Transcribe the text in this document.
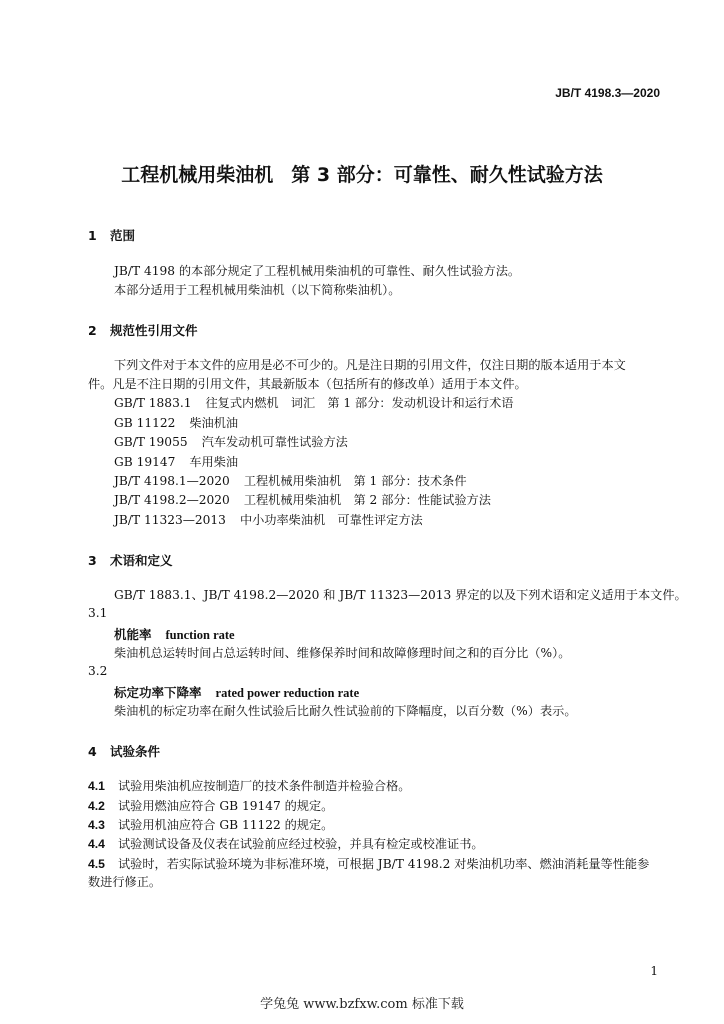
JB/T 4198.3—2020
工程机械用柴油机 第 3 部分：可靠性、耐久性试验方法
1 范围
JB/T 4198 的本部分规定了工程机械用柴油机的可靠性、耐久性试验方法。
本部分适用于工程机械用柴油机（以下简称柴油机）。
2 规范性引用文件
下列文件对于本文件的应用是必不可少的。凡是注日期的引用文件，仅注日期的版本适用于本文
件。凡是不注日期的引用文件，其最新版本（包括所有的修改单）适用于本文件。
GB/T 1883.1 往复式内燃机　词汇　第 1 部分：发动机设计和运行术语
GB 11122 柴油机油
GB/T 19055 汽车发动机可靠性试验方法
GB 19147 车用柴油
JB/T 4198.1—2020 工程机械用柴油机　第 1 部分：技术条件
JB/T 4198.2—2020 工程机械用柴油机　第 2 部分：性能试验方法
JB/T 11323—2013 中小功率柴油机　可靠性评定方法
3 术语和定义
GB/T 1883.1、JB/T 4198.2—2020 和 JB/T 11323—2013 界定的以及下列术语和定义适用于本文件。
3.1
机能率 function rate
柴油机总运转时间占总运转时间、维修保养时间和故障修理时间之和的百分比（%）。
3.2
标定功率下降率 rated power reduction rate
柴油机的标定功率在耐久性试验后比耐久性试验前的下降幅度，以百分数（%）表示。
4 试验条件
4.1 试验用柴油机应按制造厂的技术条件制造并检验合格。
4.2 试验用燃油应符合 GB 19147 的规定。
4.3 试验用机油应符合 GB 11122 的规定。
4.4 试验测试设备及仪表在试验前应经过校验，并具有检定或校准证书。
4.5 试验时，若实际试验环境为非标准环境，可根据 JB/T 4198.2 对柴油机功率、燃油消耗量等性能参
数进行修正。
1
学兔兔 www.bzfxw.com 标准下载
